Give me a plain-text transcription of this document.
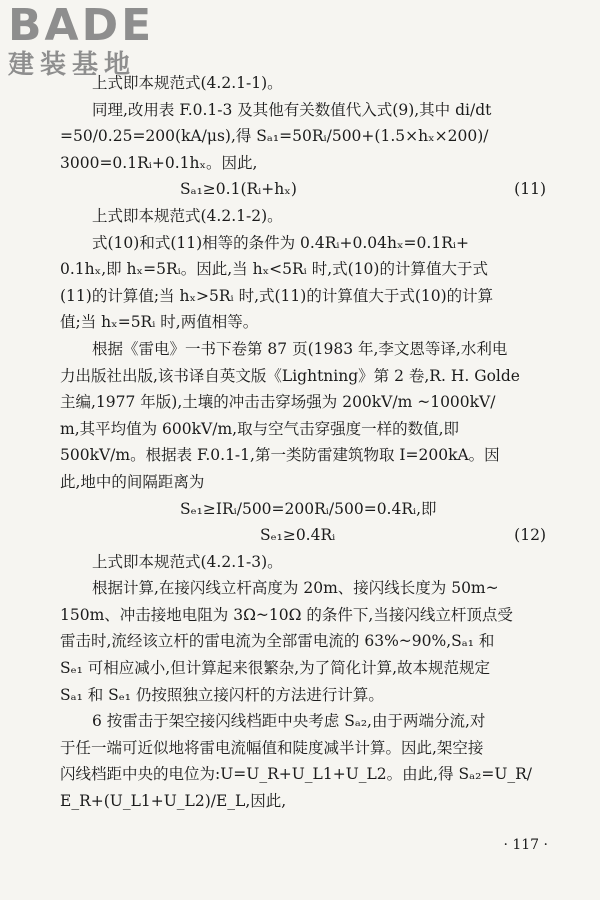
BADE
建装基地
上式即本规范式(4.2.1-1)。
同理,改用表 F.0.1-3 及其他有关数值代入式(9),其中 di/dt
=50/0.25=200(kA/μs),得 Sₐ₁=50Rᵢ/500+(1.5×hₓ×200)/
3000=0.1Rᵢ+0.1hₓ。因此,
(11)
Sₐ₁≥0.1(Rᵢ+hₓ)
上式即本规范式(4.2.1-2)。
式(10)和式(11)相等的条件为 0.4Rᵢ+0.04hₓ=0.1Rᵢ+
0.1hₓ,即 hₓ=5Rᵢ。因此,当 hₓ<5Rᵢ 时,式(10)的计算值大于式
(11)的计算值;当 hₓ>5Rᵢ 时,式(11)的计算值大于式(10)的计算
值;当 hₓ=5Rᵢ 时,两值相等。
根据《雷电》一书下卷第 87 页(1983 年,李文恩等译,水利电
力出版社出版,该书译自英文版《Lightning》第 2 卷,R. H. Golde
主编,1977 年版),土壤的冲击击穿场强为 200kV/m ~1000kV/
m,其平均值为 600kV/m,取与空气击穿强度一样的数值,即
500kV/m。根据表 F.0.1-1,第一类防雷建筑物取 I=200kA。因
此,地中的间隔距离为
Sₑ₁≥IRᵢ/500=200Rᵢ/500=0.4Rᵢ,即
(12)
Sₑ₁≥0.4Rᵢ
上式即本规范式(4.2.1-3)。
根据计算,在接闪线立杆高度为 20m、接闪线长度为 50m~
150m、冲击接地电阻为 3Ω~10Ω 的条件下,当接闪线立杆顶点受
雷击时,流经该立杆的雷电流为全部雷电流的 63%~90%,Sₐ₁ 和
Sₑ₁ 可相应减小,但计算起来很繁杂,为了简化计算,故本规范规定
Sₐ₁ 和 Sₑ₁ 仍按照独立接闪杆的方法进行计算。
6 按雷击于架空接闪线档距中央考虑 Sₐ₂,由于两端分流,对
于任一端可近似地将雷电流幅值和陡度减半计算。因此,架空接
闪线档距中央的电位为:U=U_R+U_L1+U_L2。由此,得 Sₐ₂=U_R/
E_R+(U_L1+U_L2)/E_L,因此,
· 117 ·
